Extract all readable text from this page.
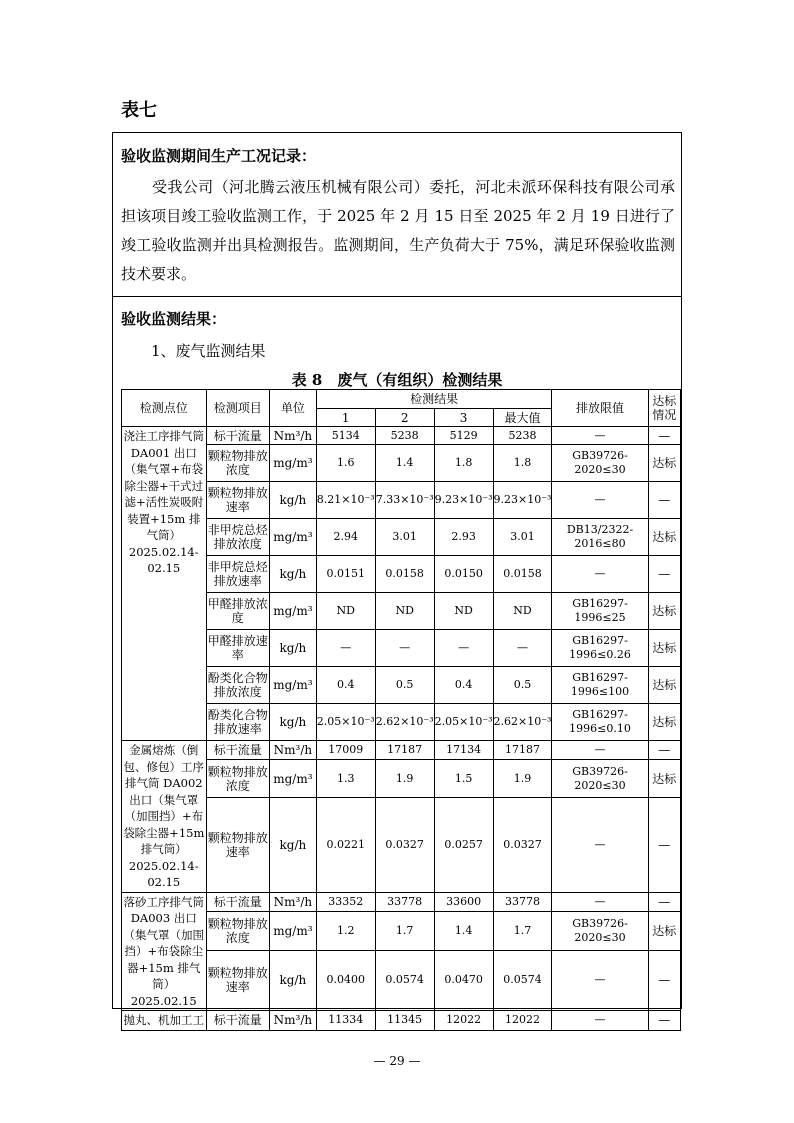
表七
验收监测期间生产工况记录：
受我公司（河北腾云液压机械有限公司）委托，河北未派环保科技有限公司承担该项目竣工验收监测工作，于 2025 年 2 月 15 日至 2025 年 2 月 19 日进行了竣工验收监测并出具检测报告。监测期间，生产负荷大于 75%，满足环保验收监测技术要求。
验收监测结果：
1、废气监测结果
表 8　废气（有组织）检测结果
检测点位	检测项目	单位	检测结果				排放限值	达标情况
			1	2	3	最大值		
浇注工序排气筒 DA001 出口（集气罩+布袋除尘器+干式过滤+活性炭吸附装置+15m 排气筒）2025.02.14-02.15	标干流量	Nm³/h	5134	5238	5129	5238	—	—
	颗粒物排放浓度	mg/m³	1.6	1.4	1.8	1.8	GB39726-2020≤30	达标
	颗粒物排放速率	kg/h	8.21×10⁻³	7.33×10⁻³	9.23×10⁻³	9.23×10⁻³	—	—
	非甲烷总烃排放浓度	mg/m³	2.94	3.01	2.93	3.01	DB13/2322-2016≤80	达标
	非甲烷总烃排放速率	kg/h	0.0151	0.0158	0.0150	0.0158	—	—
	甲醛排放浓度	mg/m³	ND	ND	ND	ND	GB16297-1996≤25	达标
	甲醛排放速率	kg/h	—	—	—	—	GB16297-1996≤0.26	达标
	酚类化合物排放浓度	mg/m³	0.4	0.5	0.4	0.5	GB16297-1996≤100	达标
	酚类化合物排放速率	kg/h	2.05×10⁻³	2.62×10⁻³	2.05×10⁻³	2.62×10⁻³	GB16297-1996≤0.10	达标
金属熔炼（倒包、修包）工序排气筒 DA002 出口（集气罩（加围挡）+布袋除尘器+15m 排气筒）2025.02.14-02.15	标干流量	Nm³/h	17009	17187	17134	17187	—	—
	颗粒物排放浓度	mg/m³	1.3	1.9	1.5	1.9	GB39726-2020≤30	达标
	颗粒物排放速率	kg/h	0.0221	0.0327	0.0257	0.0327	—	—
落砂工序排气筒 DA003 出口（集气罩（加围挡）+布袋除尘器+15m 排气筒）2025.02.15	标干流量	Nm³/h	33352	33778	33600	33778	—	—
	颗粒物排放浓度	mg/m³	1.2	1.7	1.4	1.7	GB39726-2020≤30	达标
	颗粒物排放速率	kg/h	0.0400	0.0574	0.0470	0.0574	—	—
抛丸、机加工工	标干流量	Nm³/h	11334	11345	12022	12022	—	—
— 29 —
